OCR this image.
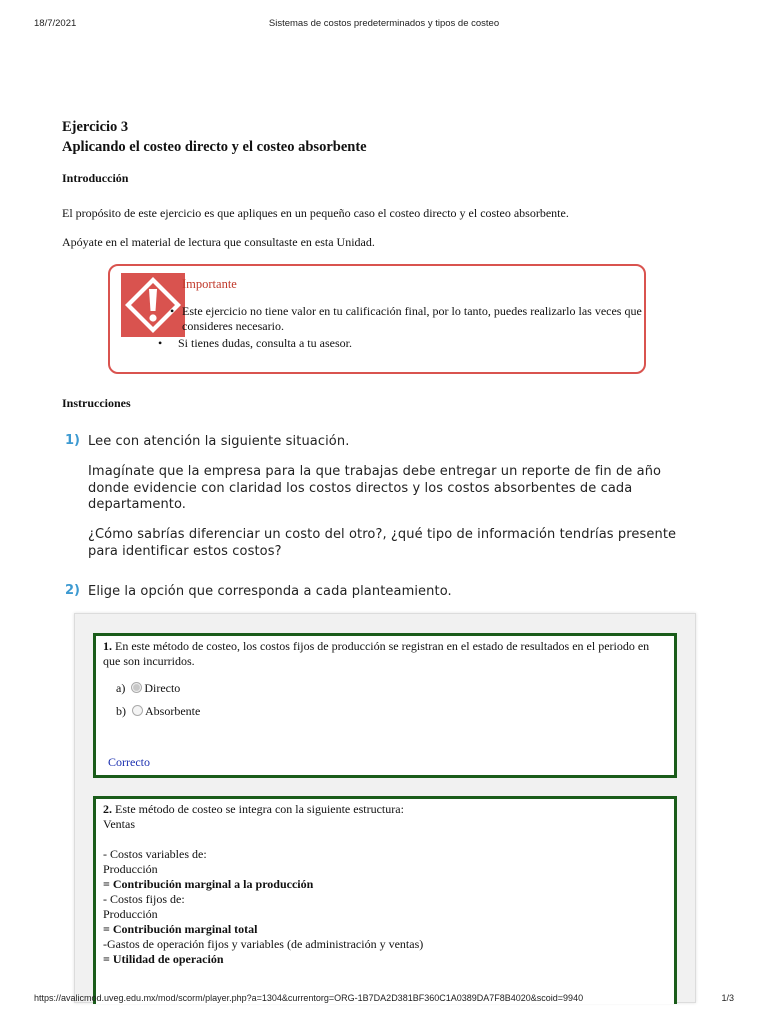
18/7/2021	Sistemas de costos predeterminados y tipos de costeo
Ejercicio 3
Aplicando el costeo directo y el costeo absorbente
Introducción
El propósito de este ejercicio es que apliques en un pequeño caso el costeo directo y el costeo absorbente.
Apóyate en el material de lectura que consultaste en esta Unidad.
Importante
• Este ejercicio no tiene valor en tu calificación final, por lo tanto, puedes realizarlo las veces que consideres necesario.
• Si tienes dudas, consulta a tu asesor.
Instrucciones
1) Lee con atención la siguiente situación.
Imagínate que la empresa para la que trabajas debe entregar un reporte de fin de año donde evidencie con claridad los costos directos y los costos absorbentes de cada departamento.
¿Cómo sabrías diferenciar un costo del otro?, ¿qué tipo de información tendrías presente para identificar estos costos?
2) Elige la opción que corresponda a cada planteamiento.
1. En este método de costeo, los costos fijos de producción se registran en el estado de resultados en el periodo en que son incurridos.
a) Directo
b) Absorbente
Correcto
2. Este método de costeo se integra con la siguiente estructura:
Ventas

- Costos variables de:
Producción
= Contribución marginal a la producción
- Costos fijos de:
Producción
= Contribución marginal total
-Gastos de operación fijos y variables (de administración y ventas)
= Utilidad de operación
https://avalicmod.uveg.edu.mx/mod/scorm/player.php?a=1304&currentorg=ORG-1B7DA2D381BF360C1A0389DA7F8B4020&scoid=9940	1/3
